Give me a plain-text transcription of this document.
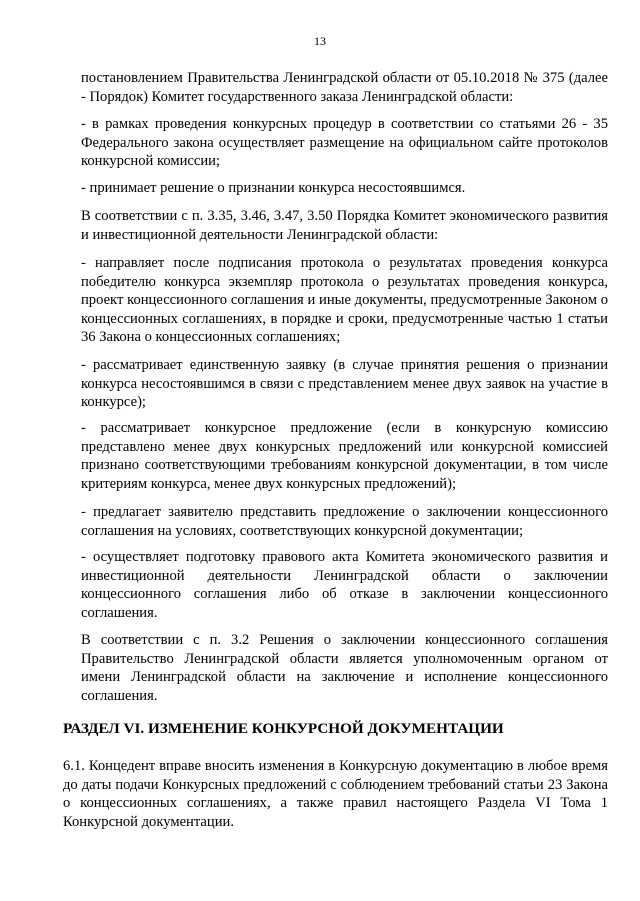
13
постановлением Правительства Ленинградской области от 05.10.2018 № 375 (далее - Порядок) Комитет государственного заказа Ленинградской области:
- в рамках проведения конкурсных процедур в соответствии со статьями 26 - 35 Федерального закона осуществляет размещение на официальном сайте протоколов конкурсной комиссии;
- принимает решение о признании конкурса несостоявшимся.
В соответствии с п. 3.35, 3.46, 3.47, 3.50 Порядка Комитет экономического развития и инвестиционной деятельности Ленинградской области:
- направляет после подписания протокола о результатах проведения конкурса победителю конкурса экземпляр протокола о результатах проведения конкурса, проект концессионного соглашения и иные документы, предусмотренные Законом о концессионных соглашениях, в порядке и сроки, предусмотренные частью 1 статьи 36 Закона о концессионных соглашениях;
- рассматривает единственную заявку (в случае принятия решения о признании конкурса несостоявшимся в связи с представлением менее двух заявок на участие в конкурсе);
- рассматривает конкурсное предложение (если в конкурсную комиссию представлено менее двух конкурсных предложений или конкурсной комиссией признано соответствующими требованиям конкурсной документации, в том числе критериям конкурса, менее двух конкурсных предложений);
- предлагает заявителю представить предложение о заключении концессионного соглашения на условиях, соответствующих конкурсной документации;
- осуществляет подготовку правового акта Комитета экономического развития и инвестиционной деятельности Ленинградской области о заключении концессионного соглашения либо об отказе в заключении концессионного соглашения.
В соответствии с п. 3.2 Решения о заключении концессионного соглашения Правительство Ленинградской области является уполномоченным органом от имени Ленинградской области на заключение и исполнение концессионного соглашения.
РАЗДЕЛ VI. ИЗМЕНЕНИЕ КОНКУРСНОЙ ДОКУМЕНТАЦИИ
6.1. Концедент вправе вносить изменения в Конкурсную документацию в любое время до даты подачи Конкурсных предложений с соблюдением требований статьи 23 Закона о концессионных соглашениях, а также правил настоящего Раздела VI Тома 1 Конкурсной документации.
